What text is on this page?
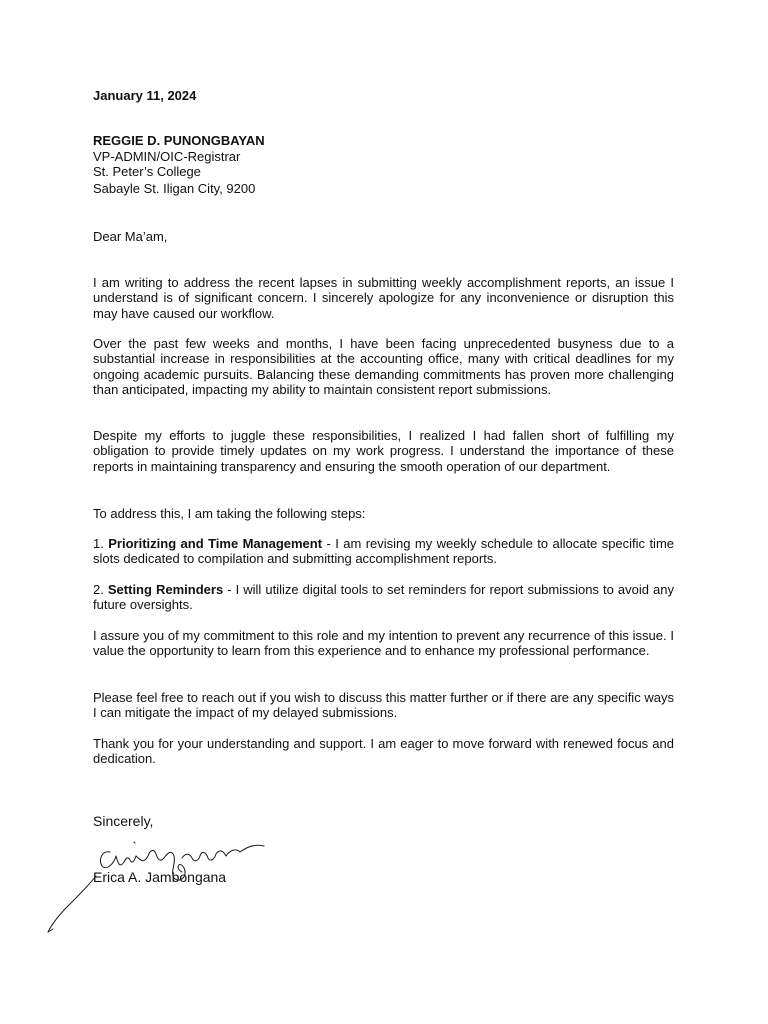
January 11, 2024
REGGIE D. PUNONGBAYAN
VP-ADMIN/OIC-Registrar
St. Peter’s College
Sabayle St. Iligan City, 9200
Dear Ma’am,
I am writing to address the recent lapses in submitting weekly accomplishment reports, an issue I understand is of significant concern. I sincerely apologize for any inconvenience or disruption this may have caused our workflow.
Over the past few weeks and months, I have been facing unprecedented busyness due to a substantial increase in responsibilities at the accounting office, many with critical deadlines for my ongoing academic pursuits. Balancing these demanding commitments has proven more challenging than anticipated, impacting my ability to maintain consistent report submissions.
Despite my efforts to juggle these responsibilities, I realized I had fallen short of fulfilling my obligation to provide timely updates on my work progress. I understand the importance of these reports in maintaining transparency and ensuring the smooth operation of our department.
To address this, I am taking the following steps:
1. Prioritizing and Time Management - I am revising my weekly schedule to allocate specific time slots dedicated to compilation and submitting accomplishment reports.
2. Setting Reminders - I will utilize digital tools to set reminders for report submissions to avoid any future oversights.
I assure you of my commitment to this role and my intention to prevent any recurrence of this issue. I value the opportunity to learn from this experience and to enhance my professional performance.
Please feel free to reach out if you wish to discuss this matter further or if there are any specific ways I can mitigate the impact of my delayed submissions.
Thank you for your understanding and support. I am eager to move forward with renewed focus and dedication.
Sincerely,
Erica A. Jambongana
